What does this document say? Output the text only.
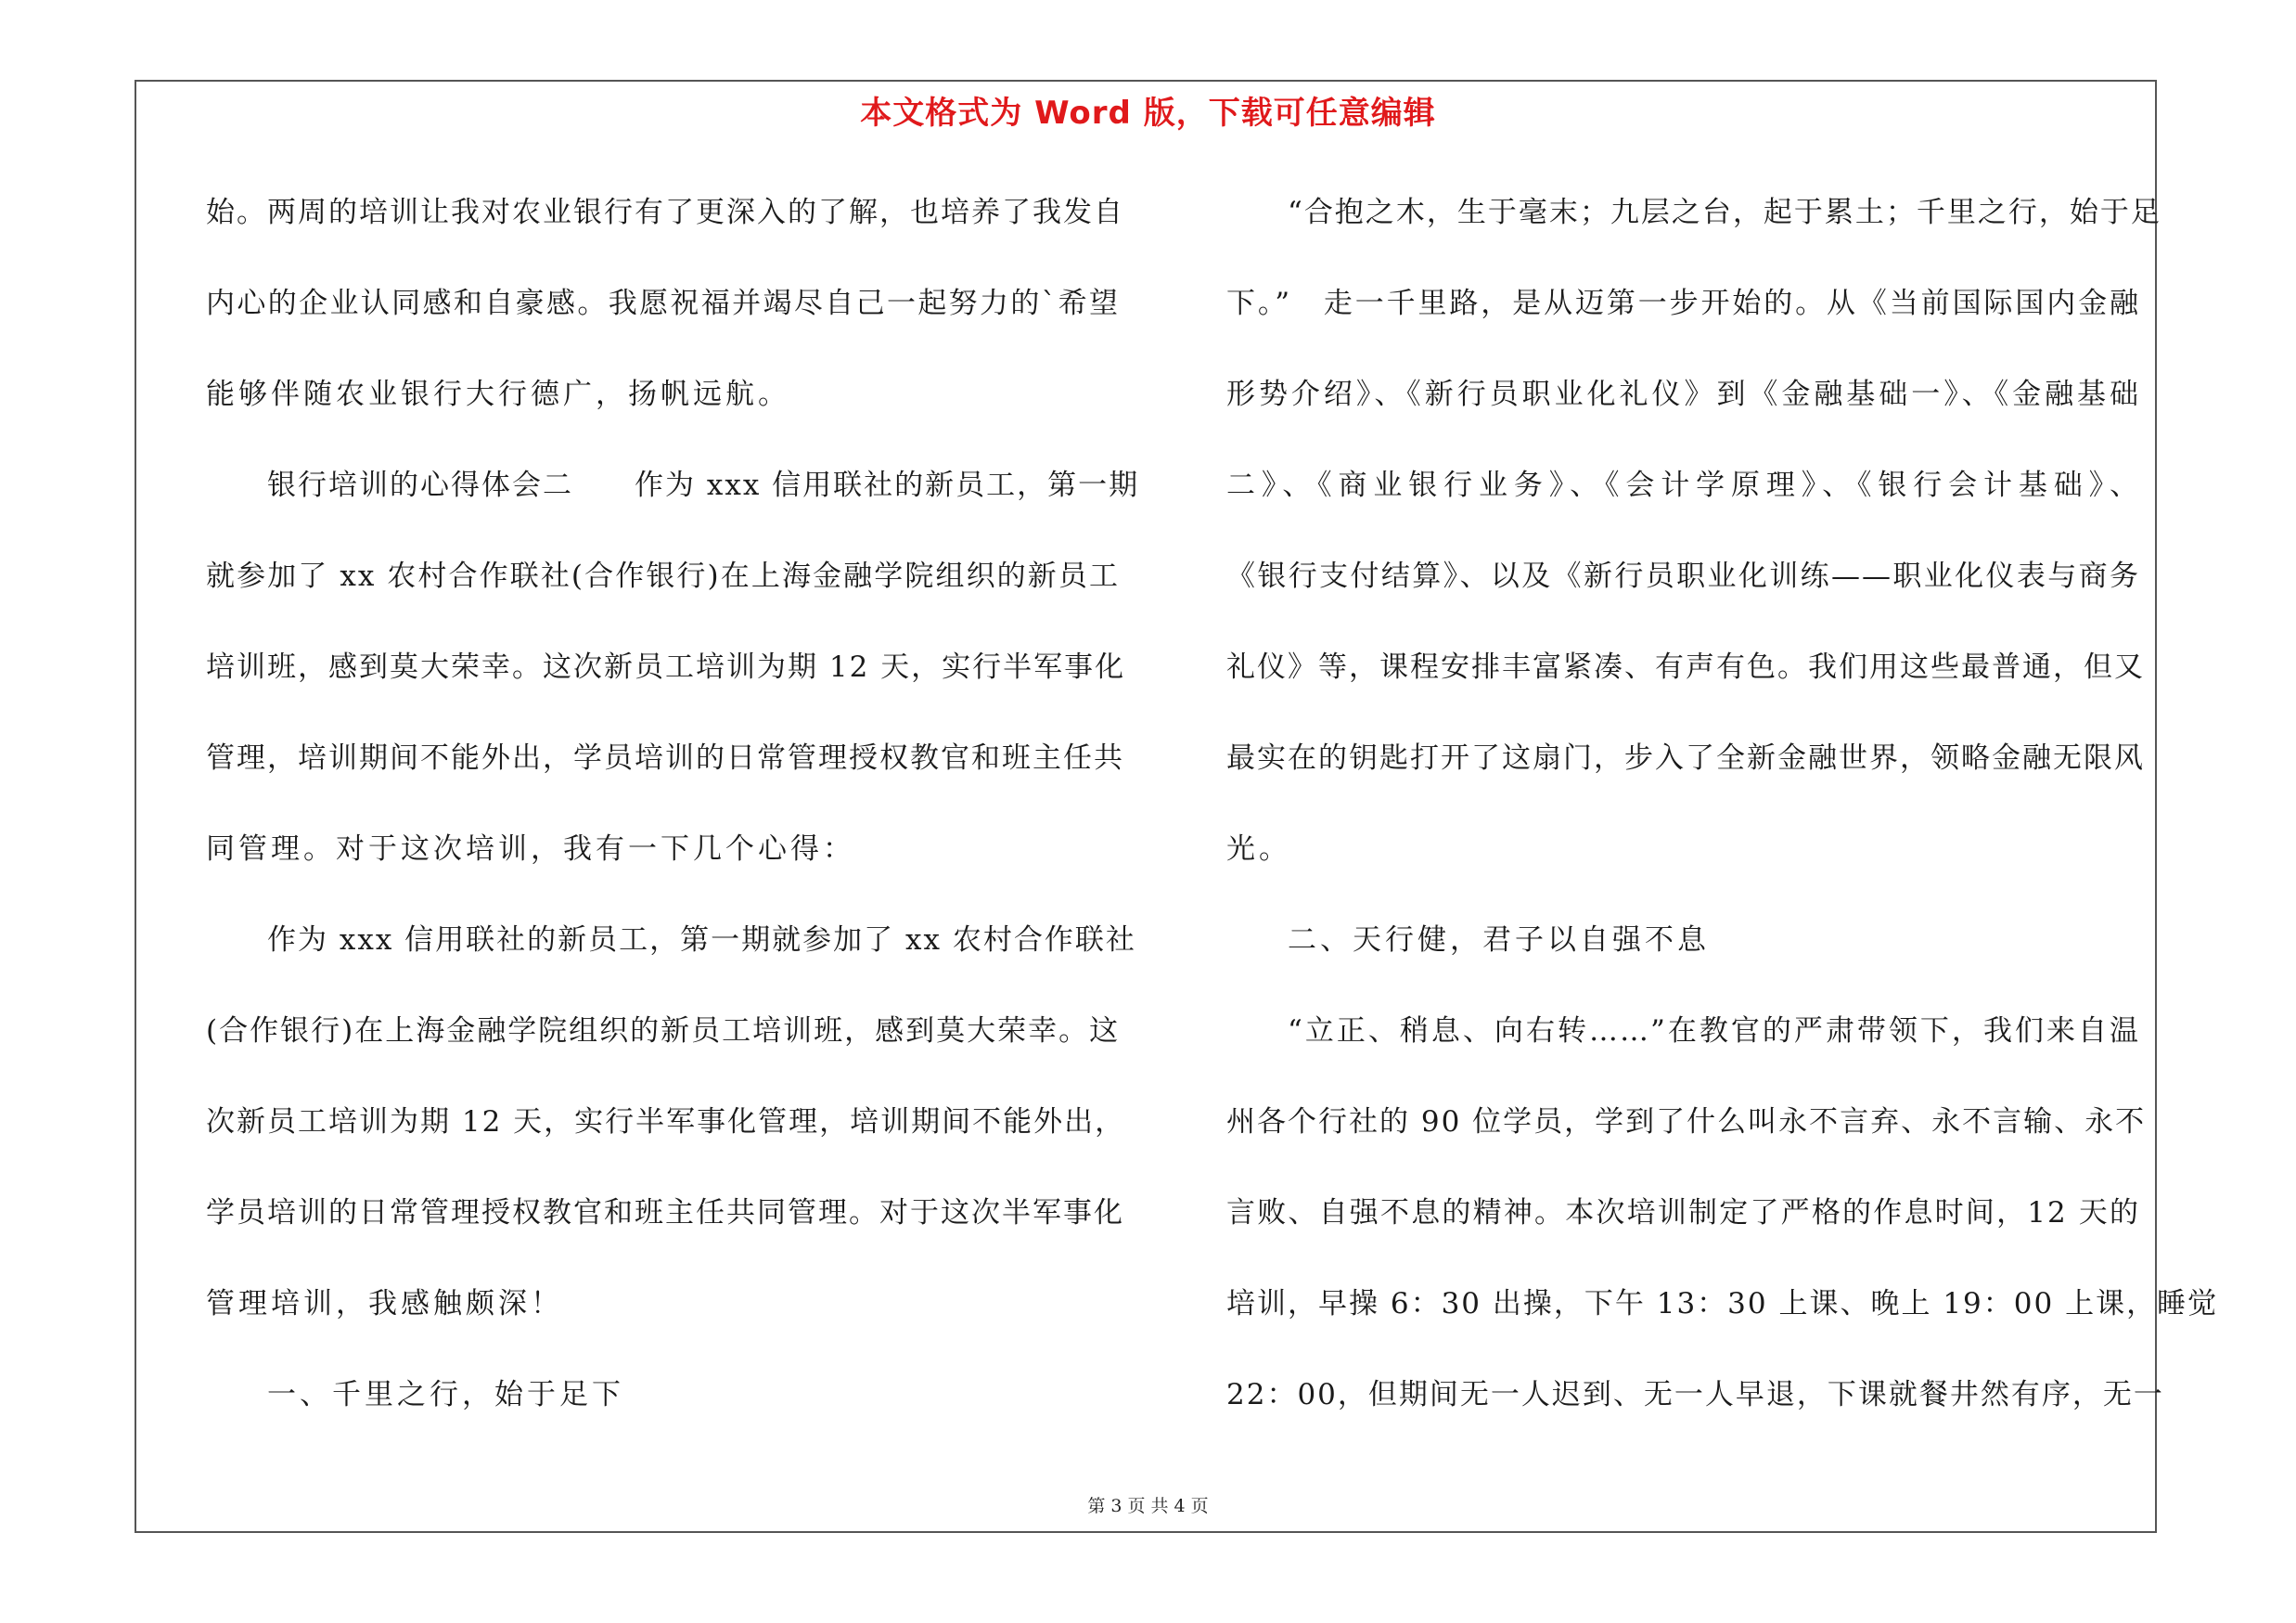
本文格式为 Word 版，下载可任意编辑
始。两周的培训让我对农业银行有了更深入的了解，也培养了我发自
内心的企业认同感和自豪感。我愿祝福并竭尽自己一起努力的`希望
能够伴随农业银行大行德广，扬帆远航。
银行培训的心得体会二　　作为 xxx 信用联社的新员工，第一期
就参加了 xx 农村合作联社(合作银行)在上海金融学院组织的新员工
培训班，感到莫大荣幸。这次新员工培训为期 12 天，实行半军事化
管理，培训期间不能外出，学员培训的日常管理授权教官和班主任共
同管理。对于这次培训，我有一下几个心得：
作为 xxx 信用联社的新员工，第一期就参加了 xx 农村合作联社
(合作银行)在上海金融学院组织的新员工培训班，感到莫大荣幸。这
次新员工培训为期 12 天，实行半军事化管理，培训期间不能外出，
学员培训的日常管理授权教官和班主任共同管理。对于这次半军事化
管理培训，我感触颇深！
一、千里之行，始于足下
“合抱之木，生于毫末；九层之台，起于累土；千里之行，始于足
下。”　走一千里路，是从迈第一步开始的。从《当前国际国内金融
形势介绍》、《新行员职业化礼仪》到《金融基础一》、《金融基础
二》、《商业银行业务》、《会计学原理》、《银行会计基础》、
《银行支付结算》、以及《新行员职业化训练——职业化仪表与商务
礼仪》等，课程安排丰富紧凑、有声有色。我们用这些最普通，但又
最实在的钥匙打开了这扇门，步入了全新金融世界，领略金融无限风
光。
二、天行健，君子以自强不息
“立正、稍息、向右转……”在教官的严肃带领下，我们来自温
州各个行社的 90 位学员，学到了什么叫永不言弃、永不言输、永不
言败、自强不息的精神。本次培训制定了严格的作息时间，12 天的
培训，早操 6：30 出操，下午 13：30 上课、晚上 19：00 上课，睡觉
22：00，但期间无一人迟到、无一人早退，下课就餐井然有序，无一
第 3 页 共 4 页
